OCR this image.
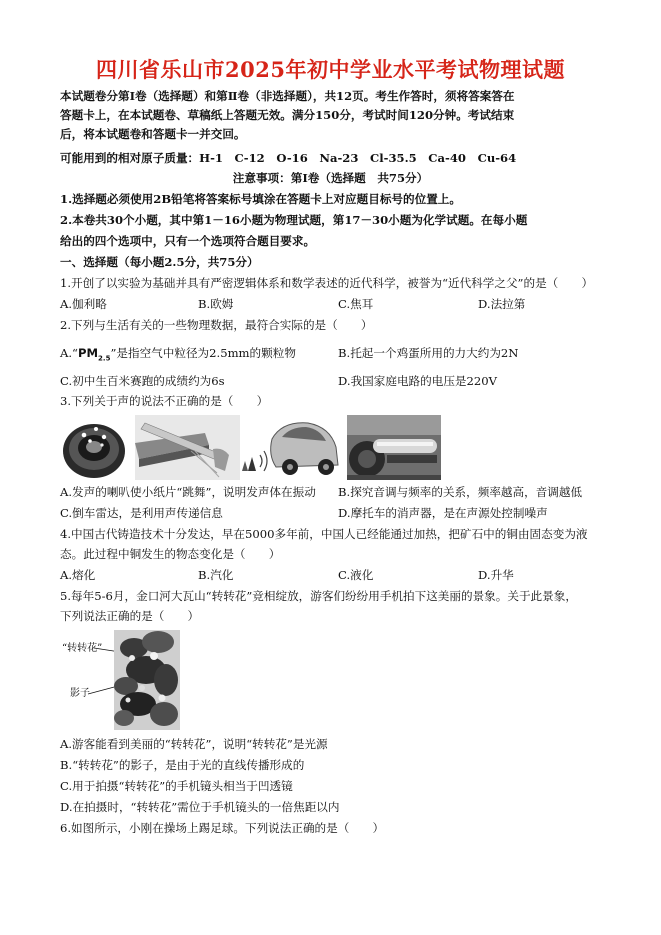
四川省乐山市2025年初中学业水平考试物理试题
本试题卷分第Ⅰ卷（选择题）和第Ⅱ卷（非选择题），共12页。考生作答时，须将答案答在
答题卡上，在本试题卷、草稿纸上答题无效。满分150分，考试时间120分钟。考试结束
后，将本试题卷和答题卡一并交回。
可能用到的相对原子质量：H-1　C-12　O-16　Na-23　Cl-35.5　Ca-40　Cu-64
注意事项：第Ⅰ卷（选择题　共75分）
1.选择题必须使用2B铅笔将答案标号填涂在答题卡上对应题目标号的位置上。
2.本卷共30个小题，其中第1－16小题为物理试题，第17－30小题为化学试题。在每小题
给出的四个选项中，只有一个选项符合题目要求。
一、选择题（每小题2.5分，共75分）
1.开创了以实验为基础并具有严密逻辑体系和数学表述的近代科学，被誉为“近代科学之父”的是（　　）
A.伽利略	B.欧姆	C.焦耳	D.法拉第
2.下列与生活有关的一些物理数据，最符合实际的是（　　）
$A.“PM_{2.5}$”是指空气中粒径为2.5mm的颗粒物	B.托起一个鸡蛋所用的力大约为2N
C.初中生百米赛跑的成绩约为6s	D.我国家庭电路的电压是220V
3.下列关于声的说法不正确的是（　　）
A.发声的喇叭使小纸片“跳舞”，说明发声体在振动 B.探究音调与频率的关系，频率越高，音调越低
C.倒车雷达，是利用声传递信息	D.摩托车的消声器，是在声源处控制噪声
4.中国古代铸造技术十分发达，早在5000多年前，中国人已经能通过加热，把矿石中的铜由固态变为液
态。此过程中铜发生的物态变化是（　　）
A.熔化	B.汽化	C.液化	D.升华
5.每年5-6月，金口河大瓦山“转转花”竞相绽放，游客们纷纷用手机拍下这美丽的景象。关于此景象，
下列说法正确的是（　　）
“转转花”
影子
A.游客能看到美丽的“转转花”，说明“转转花”是光源
B.“转转花”的影子，是由于光的直线传播形成的
C.用于拍摄“转转花”的手机镜头相当于凹透镜
D.在拍摄时，“转转花”需位于手机镜头的一倍焦距以内
6.如图所示，小刚在操场上踢足球。下列说法正确的是（　　）
